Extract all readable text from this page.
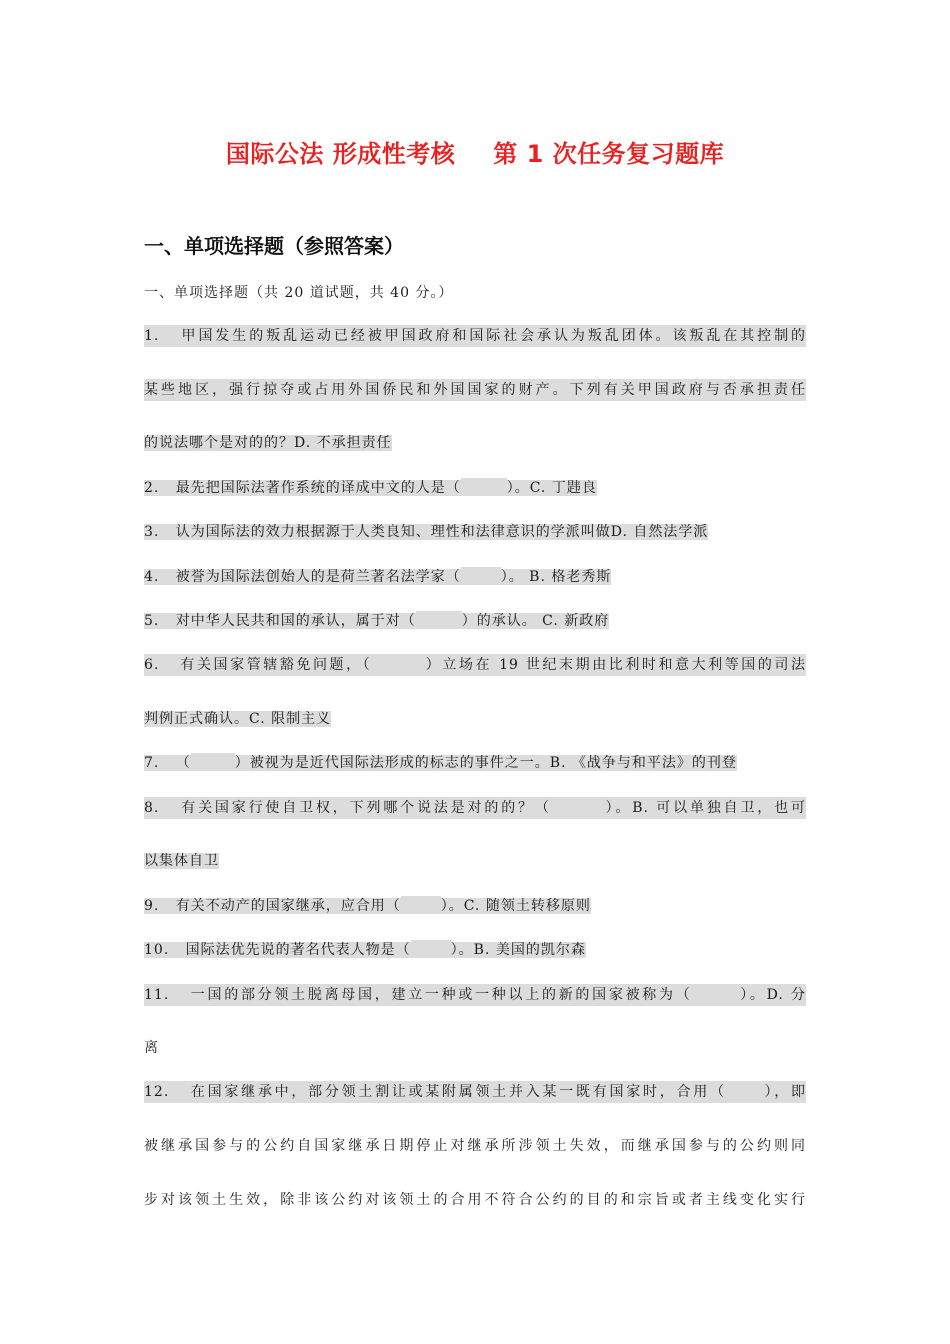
国际公法 形成性考核 第 1 次任务复习题库
一、单项选择题（参照答案）
一、单项选择题（共 20 道试题，共 40 分。）
1. 甲国发生的叛乱运动已经被甲国政府和国际社会承认为叛乱团体。该叛乱在其控制的
某些地区，强行掠夺或占用外国侨民和外国国家的财产。下列有关甲国政府与否承担责任
的说法哪个是对的的？D. 不承担责任
2. 最先把国际法著作系统的译成中文的人是（	）。C. 丁韪良
3. 认为国际法的效力根据源于人类良知、理性和法律意识的学派叫做D. 自然法学派
4. 被誉为国际法创始人的是荷兰著名法学家（	）。 B. 格老秀斯
5. 对中华人民共和国的承认，属于对（	）的承认。 C. 新政府
6. 有关国家管辖豁免问题，（	）立场在 19 世纪末期由比利时和意大利等国的司法
判例正式确认。C. 限制主义
7. （	）被视为是近代国际法形成的标志的事件之一。B. 《战争与和平法》的刊登
8. 有关国家行使自卫权，下列哪个说法是对的的？（	）。B. 可以单独自卫，也可
以集体自卫
9. 有关不动产的国家继承，应合用（	）。C. 随领土转移原则
10. 国际法优先说的著名代表人物是（	）。B. 美国的凯尔森
11. 一国的部分领土脱离母国，建立一种或一种以上的新的国家被称为（	）。D. 分
离
12. 在国家继承中，部分领土割让或某附属领土并入某一既有国家时，合用（	），即
被继承国参与的公约自国家继承日期停止对继承所涉领土失效，而继承国参与的公约则同
步对该领土生效，除非该公约对该领土的合用不符合公约的目的和宗旨或者主线变化实行
